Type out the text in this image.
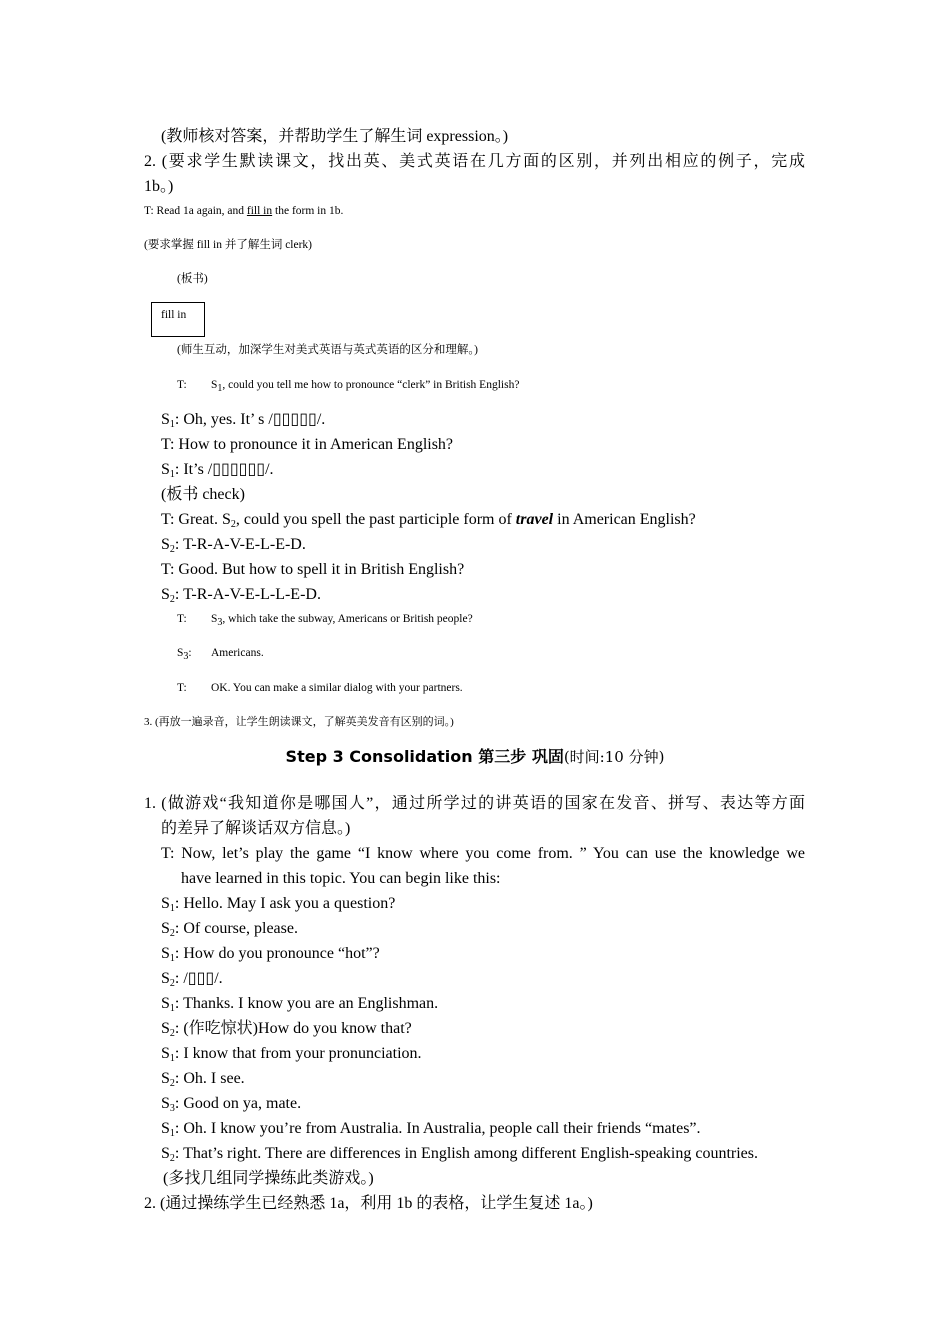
(教师核对答案，并帮助学生了解生词 expression。)
2. (要求学生默读课文，找出英、美式英语在几方面的区别，并列出相应的例子，完成
1b。)
T: Read 1a again, and fill in the form in 1b.
(要求掌握 fill in 并了解生词 clerk)
(板书)
fill in
(师生互动，加深学生对美式英语与英式英语的区分和理解。)
T: $S_1$, could you tell me how to pronounce “clerk” in British English?
$S_1$: Oh, yes. It’ s /▯▯▯▯▯/.
T: How to pronounce it in American English?
$S_1$: It’s /▯▯▯▯▯▯/.
(板书 check)
T: Great. $S_2$, could you spell the past participle form of travel in American English?
$S_2$: T-R-A-V-E-L-E-D.
T: Good. But how to spell it in British English?
$S_2$: T-R-A-V-E-L-L-E-D.
T: $S_3$, which take the subway, Americans or British people?
$S_3$: Americans.
T: OK. You can make a similar dialog with your partners.
3. (再放一遍录音，让学生朗读课文，了解英美发音有区别的词。)
Step 3 Consolidation 第三步 巩固(时间:10 分钟)
1. (做游戏“我知道你是哪国人”，通过所学过的讲英语的国家在发音、拼写、表达等方面
的差异了解谈话双方信息。)
T: Now, let’s play the game “I know where you come from. ” You can use the knowledge we
have learned in this topic. You can begin like this:
$S_1$: Hello. May I ask you a question?
$S_2$: Of course, please.
$S_1$: How do you pronounce “hot”?
$S_2$: /▯▯▯/.
$S_1$: Thanks. I know you are an Englishman.
$S_2$: (作吃惊状)How do you know that?
$S_1$: I know that from your pronunciation.
$S_2$: Oh. I see.
$S_3$: Good on ya, mate.
$S_1$: Oh. I know you’re from Australia. In Australia, people call their friends “mates”.
$S_2$: That’s right. There are differences in English among different English-speaking countries.
(多找几组同学操练此类游戏。)
2. (通过操练学生已经熟悉 1a，利用 1b 的表格，让学生复述 1a。)
